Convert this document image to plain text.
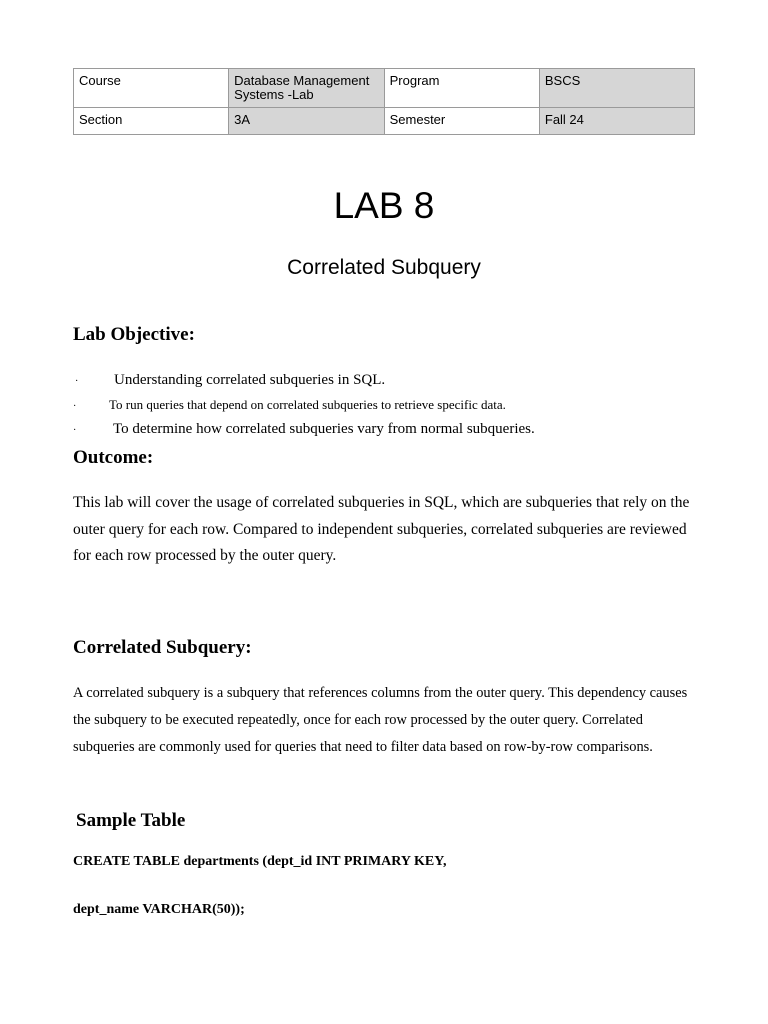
Course	Database Management Systems -Lab	Program	BSCS
Section	3A	Semester	Fall 24
LAB 8
Correlated Subquery
Lab Objective:
· Understanding correlated subqueries in SQL.
·	To run queries that depend on correlated subqueries to retrieve specific data.
· To determine how correlated subqueries vary from normal subqueries.
Outcome:

This lab will cover the usage of correlated subqueries in SQL, which are subqueries that rely on the outer query for each row. Compared to independent subqueries, correlated subqueries are reviewed for each row processed by the outer query.

Correlated Subquery:

A correlated subquery is a subquery that references columns from the outer query. This dependency causes the subquery to be executed repeatedly, once for each row processed by the outer query. Correlated subqueries are commonly used for queries that need to filter data based on row-by-row comparisons.

Sample Table

CREATE TABLE departments (dept_id INT PRIMARY KEY,

dept_name VARCHAR(50));
